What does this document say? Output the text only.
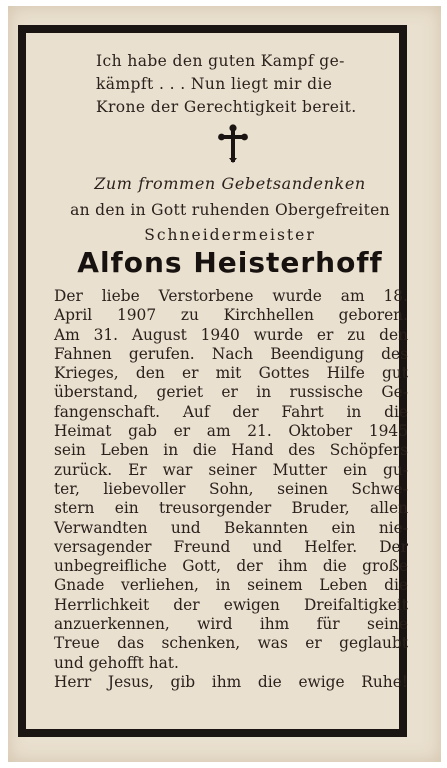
Ich habe den guten Kampf ge-
kämpft . . . Nun liegt mir die
Krone der Gerechtigkeit bereit.
Zum frommen Gebetsandenken
an den in Gott ruhenden Obergefreiten
Schneidermeister
Alfons Heisterhoff
Der liebe Verstorbene wurde am 18.
April 1907 zu Kirchhellen geboren.
Am 31. August 1940 wurde er zu den
Fahnen gerufen. Nach Beendigung des
Krieges, den er mit Gottes Hilfe gut
überstand, geriet er in russische Ge-
fangenschaft. Auf der Fahrt in die
Heimat gab er am 21. Oktober 1945
sein Leben in die Hand des Schöpfers
zurück. Er war seiner Mutter ein gu-
ter, liebevoller Sohn, seinen Schwe-
stern ein treusorgender Bruder, allen
Verwandten und Bekannten ein nie-
versagender Freund und Helfer. Der
unbegreifliche Gott, der ihm die große
Gnade verliehen, in seinem Leben die
Herrlichkeit der ewigen Dreifaltigkeit
anzuerkennen, wird ihm für seine
Treue das schenken, was er geglaubt
und gehofft hat.
Herr Jesus, gib ihm die ewige Ruhe!
